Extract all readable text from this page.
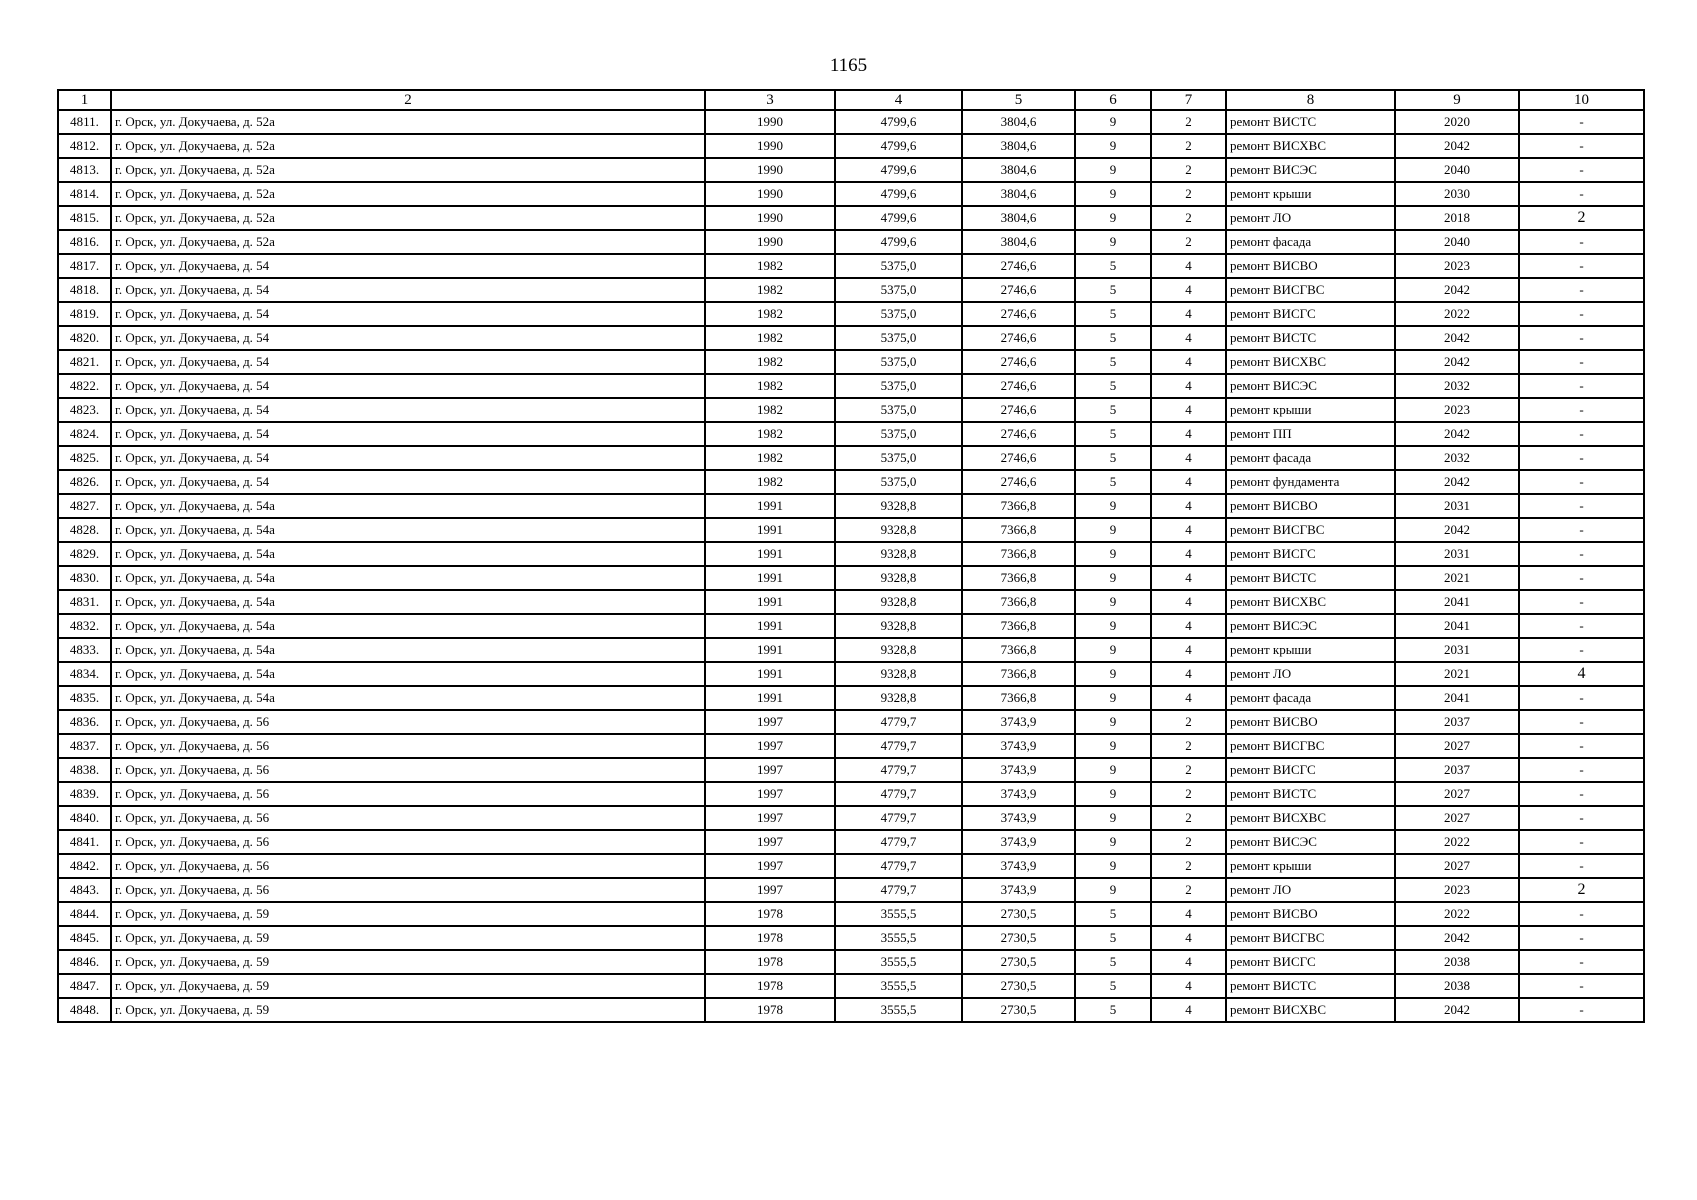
1165
1	2	3	4	5	6	7	8	9	10
4811.	г. Орск, ул. Докучаева, д. 52а	1990	4799,6	3804,6	9	2	ремонт ВИСТС	2020	-
4812.	г. Орск, ул. Докучаева, д. 52а	1990	4799,6	3804,6	9	2	ремонт ВИСХВС	2042	-
4813.	г. Орск, ул. Докучаева, д. 52а	1990	4799,6	3804,6	9	2	ремонт ВИСЭС	2040	-
4814.	г. Орск, ул. Докучаева, д. 52а	1990	4799,6	3804,6	9	2	ремонт крыши	2030	-
4815.	г. Орск, ул. Докучаева, д. 52а	1990	4799,6	3804,6	9	2	ремонт ЛО	2018	2
4816.	г. Орск, ул. Докучаева, д. 52а	1990	4799,6	3804,6	9	2	ремонт фасада	2040	-
4817.	г. Орск, ул. Докучаева, д. 54	1982	5375,0	2746,6	5	4	ремонт ВИСВО	2023	-
4818.	г. Орск, ул. Докучаева, д. 54	1982	5375,0	2746,6	5	4	ремонт ВИСГВС	2042	-
4819.	г. Орск, ул. Докучаева, д. 54	1982	5375,0	2746,6	5	4	ремонт ВИСГС	2022	-
4820.	г. Орск, ул. Докучаева, д. 54	1982	5375,0	2746,6	5	4	ремонт ВИСТС	2042	-
4821.	г. Орск, ул. Докучаева, д. 54	1982	5375,0	2746,6	5	4	ремонт ВИСХВС	2042	-
4822.	г. Орск, ул. Докучаева, д. 54	1982	5375,0	2746,6	5	4	ремонт ВИСЭС	2032	-
4823.	г. Орск, ул. Докучаева, д. 54	1982	5375,0	2746,6	5	4	ремонт крыши	2023	-
4824.	г. Орск, ул. Докучаева, д. 54	1982	5375,0	2746,6	5	4	ремонт ПП	2042	-
4825.	г. Орск, ул. Докучаева, д. 54	1982	5375,0	2746,6	5	4	ремонт фасада	2032	-
4826.	г. Орск, ул. Докучаева, д. 54	1982	5375,0	2746,6	5	4	ремонт фундамента	2042	-
4827.	г. Орск, ул. Докучаева, д. 54а	1991	9328,8	7366,8	9	4	ремонт ВИСВО	2031	-
4828.	г. Орск, ул. Докучаева, д. 54а	1991	9328,8	7366,8	9	4	ремонт ВИСГВС	2042	-
4829.	г. Орск, ул. Докучаева, д. 54а	1991	9328,8	7366,8	9	4	ремонт ВИСГС	2031	-
4830.	г. Орск, ул. Докучаева, д. 54а	1991	9328,8	7366,8	9	4	ремонт ВИСТС	2021	-
4831.	г. Орск, ул. Докучаева, д. 54а	1991	9328,8	7366,8	9	4	ремонт ВИСХВС	2041	-
4832.	г. Орск, ул. Докучаева, д. 54а	1991	9328,8	7366,8	9	4	ремонт ВИСЭС	2041	-
4833.	г. Орск, ул. Докучаева, д. 54а	1991	9328,8	7366,8	9	4	ремонт крыши	2031	-
4834.	г. Орск, ул. Докучаева, д. 54а	1991	9328,8	7366,8	9	4	ремонт ЛО	2021	4
4835.	г. Орск, ул. Докучаева, д. 54а	1991	9328,8	7366,8	9	4	ремонт фасада	2041	-
4836.	г. Орск, ул. Докучаева, д. 56	1997	4779,7	3743,9	9	2	ремонт ВИСВО	2037	-
4837.	г. Орск, ул. Докучаева, д. 56	1997	4779,7	3743,9	9	2	ремонт ВИСГВС	2027	-
4838.	г. Орск, ул. Докучаева, д. 56	1997	4779,7	3743,9	9	2	ремонт ВИСГС	2037	-
4839.	г. Орск, ул. Докучаева, д. 56	1997	4779,7	3743,9	9	2	ремонт ВИСТС	2027	-
4840.	г. Орск, ул. Докучаева, д. 56	1997	4779,7	3743,9	9	2	ремонт ВИСХВС	2027	-
4841.	г. Орск, ул. Докучаева, д. 56	1997	4779,7	3743,9	9	2	ремонт ВИСЭС	2022	-
4842.	г. Орск, ул. Докучаева, д. 56	1997	4779,7	3743,9	9	2	ремонт крыши	2027	-
4843.	г. Орск, ул. Докучаева, д. 56	1997	4779,7	3743,9	9	2	ремонт ЛО	2023	2
4844.	г. Орск, ул. Докучаева, д. 59	1978	3555,5	2730,5	5	4	ремонт ВИСВО	2022	-
4845.	г. Орск, ул. Докучаева, д. 59	1978	3555,5	2730,5	5	4	ремонт ВИСГВС	2042	-
4846.	г. Орск, ул. Докучаева, д. 59	1978	3555,5	2730,5	5	4	ремонт ВИСГС	2038	-
4847.	г. Орск, ул. Докучаева, д. 59	1978	3555,5	2730,5	5	4	ремонт ВИСТС	2038	-
4848.	г. Орск, ул. Докучаева, д. 59	1978	3555,5	2730,5	5	4	ремонт ВИСХВС	2042	-
